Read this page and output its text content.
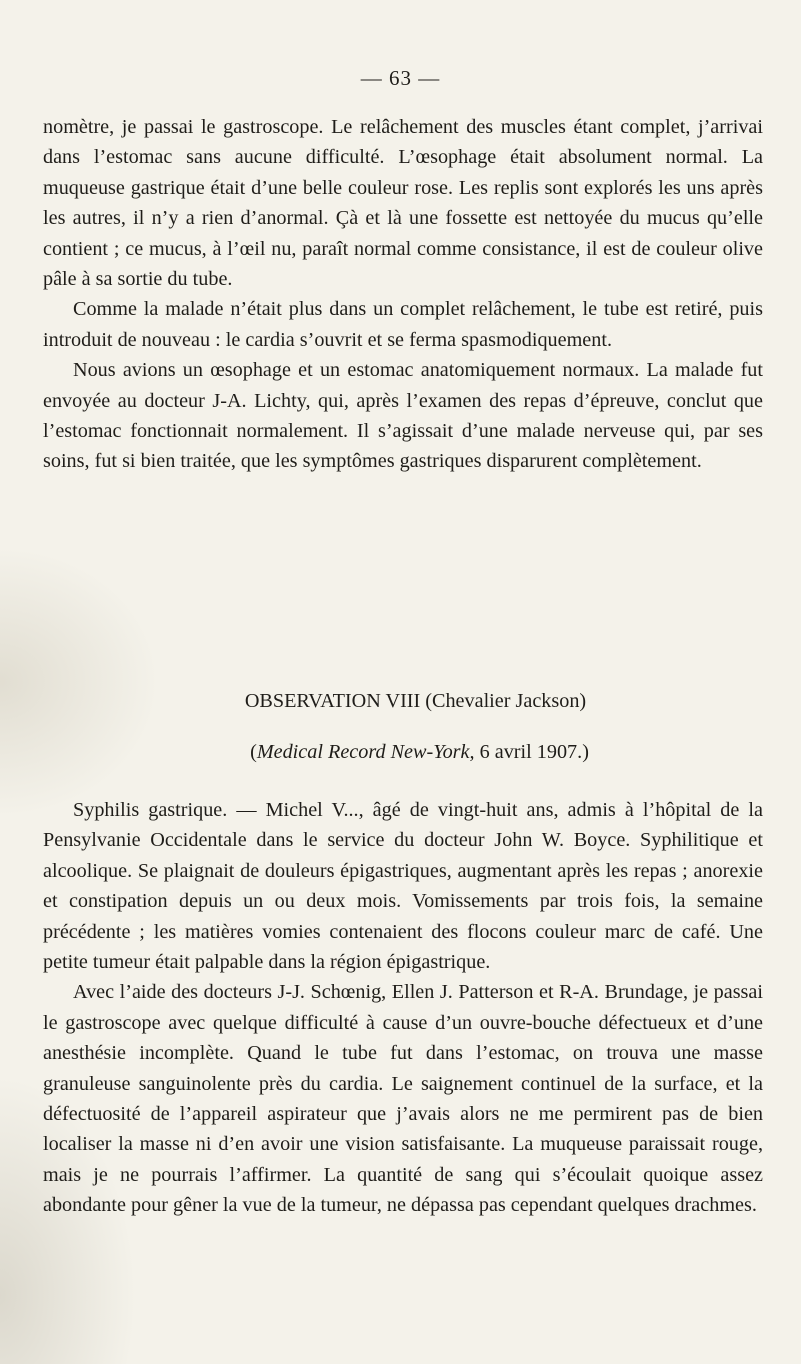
— 63 —

nomètre, je passai le gastroscope. Le relâchement des muscles étant complet, j’arrivai dans l’estomac sans aucune difficulté. L’œsophage était absolument normal. La muqueuse gastrique était d’une belle couleur rose. Les replis sont explorés les uns après les autres, il n’y a rien d’anormal. Çà et là une fossette est nettoyée du mucus qu’elle contient ; ce mucus, à l’œil nu, paraît normal comme consistance, il est de couleur olive pâle à sa sortie du tube.

Comme la malade n’était plus dans un complet relâchement, le tube est retiré, puis introduit de nouveau : le cardia s’ouvrit et se ferma spasmodiquement.

Nous avions un œsophage et un estomac anatomiquement normaux. La malade fut envoyée au docteur J-A. Lichty, qui, après l’examen des repas d’épreuve, conclut que l’estomac fonctionnait normalement. Il s’agissait d’une malade nerveuse qui, par ses soins, fut si bien traitée, que les symptômes gastriques disparurent complètement.

OBSERVATION VIII (Chevalier Jackson)
(Medical Record New-York, 6 avril 1907.)

Syphilis gastrique. — Michel V..., âgé de vingt-huit ans, admis à l’hôpital de la Pensylvanie Occidentale dans le service du docteur John W. Boyce. Syphilitique et alcoolique. Se plaignait de douleurs épigastriques, augmentant après les repas ; anorexie et constipation depuis un ou deux mois. Vomissements par trois fois, la semaine précédente ; les matières vomies contenaient des flocons couleur marc de café. Une petite tumeur était palpable dans la région épigastrique.

Avec l’aide des docteurs J-J. Schœnig, Ellen J. Patterson et R-A. Brundage, je passai le gastroscope avec quelque difficulté à cause d’un ouvre-bouche défectueux et d’une anesthésie incomplète. Quand le tube fut dans l’estomac, on trouva une masse granuleuse sanguinolente près du cardia. Le saignement continuel de la surface, et la défectuosité de l’appareil aspirateur que j’avais alors ne me permirent pas de bien localiser la masse ni d’en avoir une vision satisfaisante. La muqueuse paraissait rouge, mais je ne pourrais l’affirmer. La quantité de sang qui s’écoulait quoique assez abondante pour gêner la vue de la tumeur, ne dépassa pas cependant quelques drachmes.
